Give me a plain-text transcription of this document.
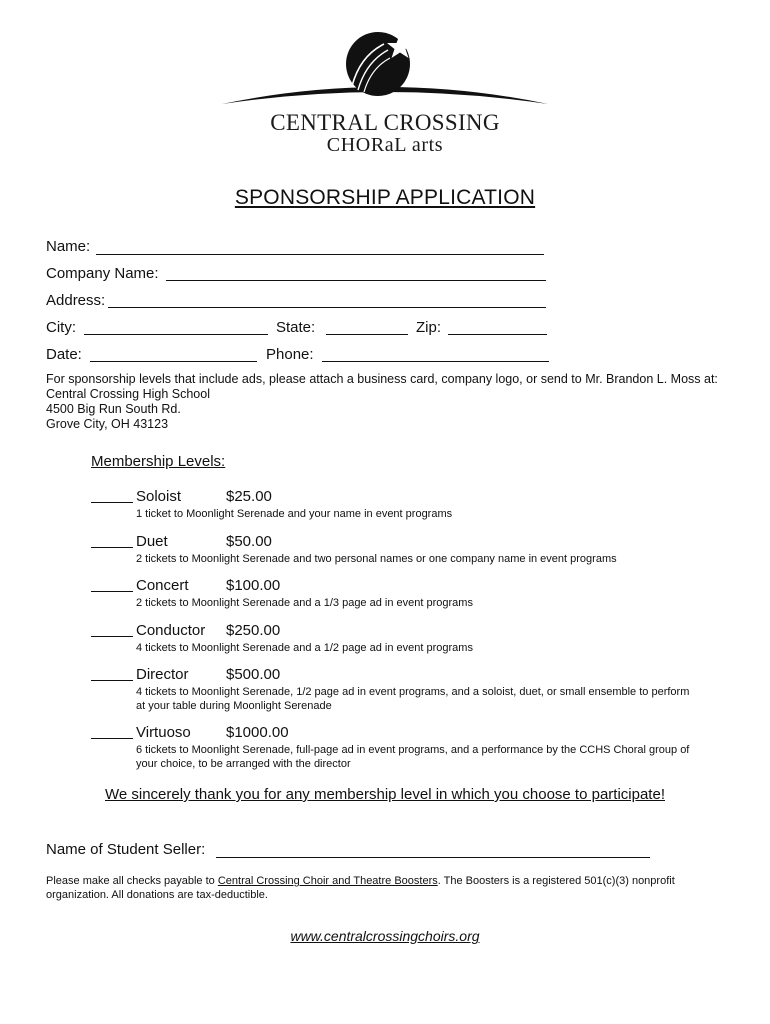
CENTRAL CROSSING
CHORaL arts
SPONSORSHIP APPLICATION
Name:
Company Name:
Address:
City:	State:	Zip:
Date:	Phone:
For sponsorship levels that include ads, please attach a business card, company logo, or send to Mr. Brandon L. Moss at:
Central Crossing High School
4500 Big Run South Rd.
Grove City, OH 43123
Membership Levels:
Soloist	$25.00
1 ticket to Moonlight Serenade and your name in event programs
Duet	$50.00
2 tickets to Moonlight Serenade and two personal names or one company name in event programs
Concert $100.00
2 tickets to Moonlight Serenade and a 1/3 page ad in event programs
Conductor $250.00
4 tickets to Moonlight Serenade and a 1/2 page ad in event programs
Director $500.00
4 tickets to Moonlight Serenade, 1/2 page ad in event programs, and a soloist, duet, or small ensemble to perform at your table during Moonlight Serenade
Virtuoso $1000.00
6 tickets to Moonlight Serenade, full-page ad in event programs, and a performance by the CCHS Choral group of your choice, to be arranged with the director
We sincerely thank you for any membership level in which you choose to participate!
Name of Student Seller:
Please make all checks payable to Central Crossing Choir and Theatre Boosters. The Boosters is a registered 501(c)(3) nonprofit organization. All donations are tax-deductible.
www.centralcrossingchoirs.org
